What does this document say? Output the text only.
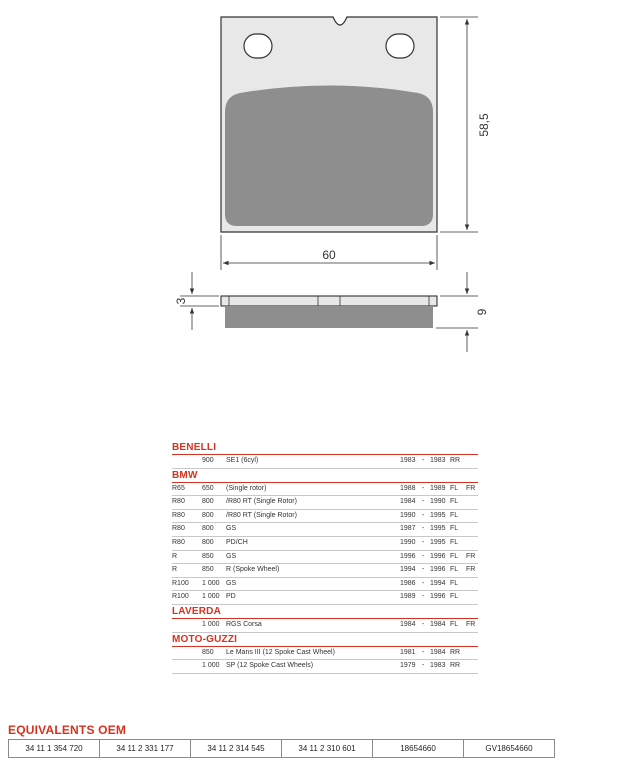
58,5
60
3
9
BENELLI
900 SE1 (6cyl)	1983 - 1983 RR
BMW
R65 650 (Single rotor)	1988 - 1989 FL FR
R80 800 /R80 RT (Single Rotor)	1984 - 1990 FL
R80 800 /R80 RT (Single Rotor)	1990 - 1995 FL
R80 800 GS	1987 - 1995 FL
R80 800 PD/CH	1990 - 1995 FL
R	850 GS	1996 - 1996 FL FR
R	850 R (Spoke Wheel)	1994 - 1996 FL FR
R100 1 000 GS	1986 - 1994 FL
R100 1 000 PD	1989 - 1996 FL
LAVERDA
1 000 RGS Corsa	1984 - 1984 FL FR
MOTO-GUZZI
850 Le Mans III (12 Spoke Cast Wheel)	1981 - 1984 RR
1 000 SP (12 Spoke Cast Wheels)	1979 - 1983 RR
EQUIVALENTS OEM
34 11 1 354 720	34 11 2 331 177	34 11 2 314 545	34 11 2 310 601	18654660	GV18654660
